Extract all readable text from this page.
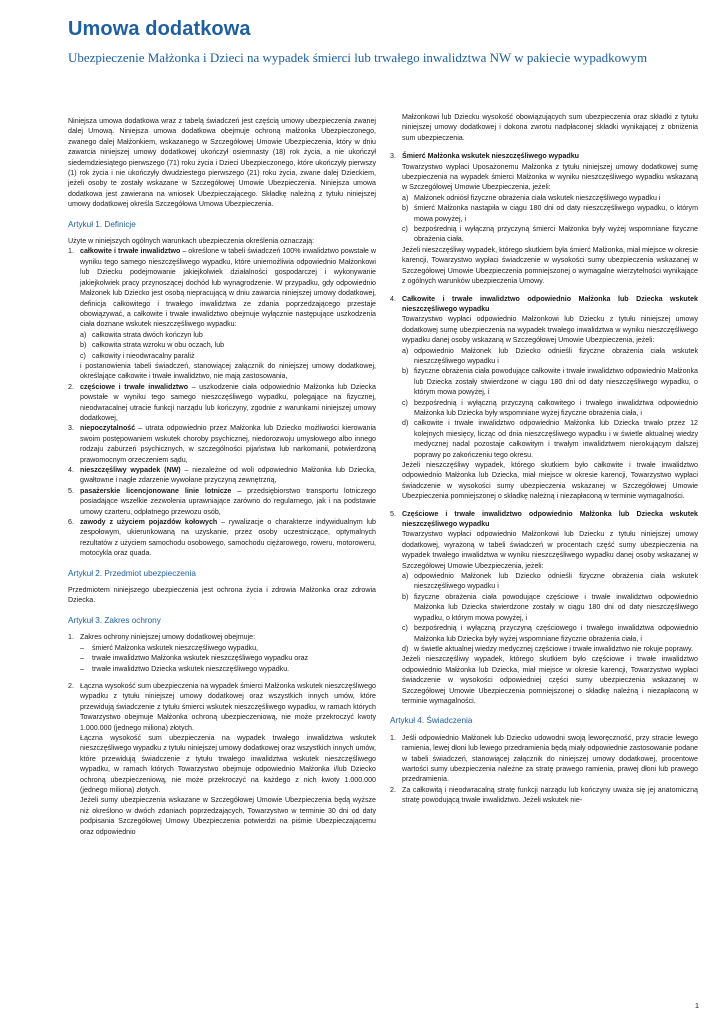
Umowa dodatkowa
Ubezpieczenie Małżonka i Dzieci na wypadek śmierci lub trwałego inwalidztwa NW w pakiecie wypadkowym

Niniejsza umowa dodatkowa wraz z tabelą świadczeń jest częścią umowy ubezpieczenia zwanej dalej Umową. Niniejsza umowa dodatkowa obejmuje ochroną małżonka Ubezpieczonego, zwanego dalej Małżonkiem, wskazanego w Szczegółowej Umowie Ubezpieczenia, który w dniu zawarcia niniejszej umowy dodatkowej ukończył osiemnasty (18) rok życia, a nie ukończył siedemdziesiątego pierwszego (71) roku życia i Dzieci Ubezpieczonego, które ukończyły pierwszy (1) rok życia i nie ukończyły dwudziestego pierwszego (21) roku życia, zwane dalej Dzieckiem, jeżeli osoby te zostały wskazane w Szczegółowej Umowie Ubezpieczenia. Niniejsza umowa dodatkowa jest zawierana na wniosek Ubezpieczającego. Składkę należną z tytułu niniejszej umowy dodatkowej określa Szczegółowa Umowa Ubezpieczenia.

Artykuł 1. Definicje
Użyte w niniejszych ogólnych warunkach ubezpieczenia określenia oznaczają:
1. całkowite i trwałe inwalidztwo – określone w tabeli świadczeń 100% inwalidztwo powstałe w wyniku tego samego nieszczęśliwego wypadku, które uniemożliwia odpowiednio Małżonkowi lub Dziecku podejmowanie jakiejkolwiek działalności gospodarczej i wykonywanie jakiejkolwiek pracy przynoszącej dochód lub wynagrodzenie. W przypadku, gdy odpowiednio Małżonek lub Dziecko jest osobą niepracującą w dniu zawarcia niniejszej umowy dodatkowej, definicja całkowitego i trwałego inwalidztwa ze zdania poprzedzającego przestaje obowiązywać, a całkowite i trwałe inwalidztwo obejmuje wyłącznie następujące uszkodzenia ciała doznane wskutek nieszczęśliwego wypadku:
a) całkowita strata dwóch kończyn lub
b) całkowita strata wzroku w obu oczach, lub
c) całkowity i nieodwracalny paraliż
i postanowienia tabeli świadczeń, stanowiącej załącznik do niniejszej umowy dodatkowej, określające całkowite i trwałe inwalidztwo, nie mają zastosowania,
2. częściowe i trwałe inwalidztwo – uszkodzenie ciała odpowiednio Małżonka lub Dziecka powstałe w wyniku tego samego nieszczęśliwego wypadku, polegające na fizycznej, nieodwracalnej utracie funkcji narządu lub kończyny, zgodnie z warunkami niniejszej umowy dodatkowej,
3. niepoczytalność – utrata odpowiednio przez Małżonka lub Dziecko możliwości kierowania swoim postępowaniem wskutek choroby psychicznej, niedorozwoju umysłowego albo innego rodzaju zaburzeń psychicznych, w szczególności pijaństwa lub narkomanii, potwierdzoną prawomocnym orzeczeniem sądu,
4. nieszczęśliwy wypadek (NW) – niezależne od woli odpowiednio Małżonka lub Dziecka, gwałtowne i nagłe zdarzenie wywołane przyczyną zewnętrzną,
5. pasażerskie licencjonowane linie lotnicze – przedsiębiorstwo transportu lotniczego posiadające wszelkie zezwolenia uprawniające zarówno do regularnego, jak i na podstawie umowy czarteru, odpłatnego przewozu osób,
6. zawody z użyciem pojazdów kołowych – rywalizacje o charakterze indywidualnym lub zespołowym, ukierunkowaną na uzyskanie, przez osoby uczestniczące, optymalnych rezultatów z użyciem samochodu osobowego, samochodu ciężarowego, roweru, motoroweru, motocykla oraz quada.
Artykuł 2. Przedmiot ubezpieczenia

Przedmiotem niniejszego ubezpieczenia jest ochrona życia i zdrowia Małżonka oraz zdrowia Dziecka.

Artykuł 3. Zakres ochrony
1. Zakres ochrony niniejszej umowy dodatkowej obejmuje:
–	śmierć Małżonka wskutek nieszczęśliwego wypadku,
–	trwałe inwalidztwo Małżonka wskutek nieszczęśliwego wypadku oraz
–	trwałe inwalidztwo Dziecka wskutek nieszczęśliwego wypadku.
2. Łączna wysokość sum ubezpieczenia na wypadek śmierci Małżonka wskutek nieszczęśliwego wypadku z tytułu niniejszej umowy dodatkowej oraz wszystkich innych umów, które przewidują świadczenie z tytułu śmierci wskutek nieszczęśliwego wypadku, w ramach których Towarzystwo obejmuje Małżonka ochroną ubezpieczeniową, nie może przekroczyć kwoty 1.000.000 (jednego miliona) złotych.
Łączna wysokość sum ubezpieczenia na wypadek trwałego inwalidztwa wskutek nieszczęśliwego wypadku z tytułu niniejszej umowy dodatkowej oraz wszystkich innych umów, które przewidują świadczenie z tytułu trwałego inwalidztwa wskutek nieszczęśliwego wypadku, w ramach których Towarzystwo obejmuje odpowiednio Małżonka i/lub Dziecko ochroną ubezpieczeniową, nie może przekroczyć na każdego z nich kwoty 1.000.000 (jednego miliona) złotych.
Jeżeli sumy ubezpieczenia wskazane w Szczegółowej Umowie Ubezpieczenia będą wyższe niż określono w dwóch zdaniach poprzedzających, Towarzystwo w terminie 30 dni od daty podpisania Szczegółowej Umowy Ubezpieczenia potwierdzi na piśmie Ubezpieczającemu oraz odpowiednio

Małżonkowi lub Dziecku wysokość obowiązujących sum ubezpieczenia oraz składki z tytułu niniejszej umowy dodatkowej i dokona zwrotu nadpłaconej składki wynikającej z obniżenia sum ubezpieczenia.

3. Śmierć Małżonka wskutek nieszczęśliwego wypadku
Towarzystwo wypłaci Uposażonemu Małżonka z tytułu niniejszej umowy dodatkowej sumę ubezpieczenia na wypadek śmierci Małżonka w wyniku nieszczęśliwego wypadku wskazaną w Szczegółowej Umowie Ubezpieczenia, jeżeli:
a) Małżonek odniósł fizyczne obrażenia ciała wskutek nieszczęśliwego wypadku i
b) śmierć Małżonka nastąpiła w ciągu 180 dni od daty nieszczęśliwego wypadku, o którym mowa powyżej, i
c) bezpośrednią i wyłączną przyczyną śmierci Małżonka były wyżej wspomniane fizyczne obrażenia ciała.
Jeżeli nieszczęśliwy wypadek, którego skutkiem była śmierć Małżonka, miał miejsce w okresie karencji, Towarzystwo wypłaci świadczenie w wysokości sumy ubezpieczenia wskazanej w Szczegółowej Umowie Ubezpieczenia pomniejszonej o wymagalne wierzytelności wynikające z ogólnych warunków ubezpieczenia Umowy.
4. Całkowite i trwałe inwalidztwo odpowiednio Małżonka lub Dziecka wskutek nieszczęśliwego wypadku
Towarzystwo wypłaci odpowiednio Małżonkowi lub Dziecku z tytułu niniejszej umowy dodatkowej sumę ubezpieczenia na wypadek trwałego inwalidztwa w wyniku nieszczęśliwego wypadku danej osoby wskazaną w Szczegółowej Umowie Ubezpieczenia, jeżeli:
a) odpowiednio Małżonek lub Dziecko odnieśli fizyczne obrażenia ciała wskutek nieszczęśliwego wypadku i
b) fizyczne obrażenia ciała powodujące całkowite i trwałe inwalidztwo odpowiednio Małżonka lub Dziecka zostały stwierdzone w ciągu 180 dni od daty nieszczęśliwego wypadku, o którym mowa powyżej, i
c) bezpośrednią i wyłączną przyczyną całkowitego i trwałego inwalidztwa odpowiednio Małżonka lub Dziecka były wspomniane wyżej fizyczne obrażenia ciała, i
d) całkowite i trwałe inwalidztwo odpowiednio Małżonka lub Dziecka trwało przez 12 kolejnych miesięcy, licząc od dnia nieszczęśliwego wypadku i w świetle aktualnej wiedzy medycznej nadal pozostaje całkowitym i trwałym inwalidztwem nierokującym dalszej poprawy po zakończeniu tego okresu.
Jeżeli nieszczęśliwy wypadek, którego skutkiem było całkowite i trwałe inwalidztwo odpowiednio Małżonka lub Dziecka, miał miejsce w okresie karencji, Towarzystwo wypłaci świadczenie w wysokości sumy ubezpieczenia wskazanej w Szczegółowej Umowie Ubezpieczenia pomniejszonej o składkę należną i niezapłaconą w terminie wymagalności.
5. Częściowe i trwałe inwalidztwo odpowiednio Małżonka lub Dziecka wskutek nieszczęśliwego wypadku
Towarzystwo wypłaci odpowiednio Małżonkowi lub Dziecku z tytułu niniejszej umowy dodatkowej, wyrażoną w tabeli świadczeń w procentach część sumy ubezpieczenia na wypadek trwałego inwalidztwa w wyniku nieszczęśliwego wypadku danej osoby wskazanej w Szczegółowej Umowie Ubezpieczenia, jeżeli:
a) odpowiednio Małżonek lub Dziecko odnieśli fizyczne obrażenia ciała wskutek nieszczęśliwego wypadku i
b) fizyczne obrażenia ciała powodujące częściowe i trwałe inwalidztwo odpowiednio Małżonka lub Dziecka stwierdzone zostały w ciągu 180 dni od daty nieszczęśliwego wypadku, o którym mowa powyżej, i
c) bezpośrednią i wyłączną przyczyną częściowego i trwałego inwalidztwa odpowiednio Małżonka lub Dziecka były wyżej wspomniane fizyczne obrażenia ciała, i
d) w świetle aktualnej wiedzy medycznej częściowe i trwałe inwalidztwo nie rokuje poprawy.
Jeżeli nieszczęśliwy wypadek, którego skutkiem było częściowe i trwałe inwalidztwo odpowiednio Małżonka lub Dziecka, miał miejsce w okresie karencji, Towarzystwo wypłaci świadczenie w wysokości odpowiedniej części sumy ubezpieczenia wskazanej w Szczegółowej Umowie Ubezpieczenia pomniejszonej o składkę należną i niezapłaconą w terminie wymagalności.
Artykuł 4. Świadczenia
1. Jeśli odpowiednio Małżonek lub Dziecko udowodni swoją leworęczność, przy stracie lewego ramienia, lewej dłoni lub lewego przedramienia będą miały odpowiednie zastosowanie podane w tabeli świadczeń, stanowiącej załącznik do niniejszej umowy dodatkowej, procentowe wartości sumy ubezpieczenia należne za stratę prawego ramienia, prawej dłoni lub prawego przedramienia.
2. Za całkowitą i nieodwracalną stratę funkcji narządu lub kończyny uważa się jej anatomiczną stratę powodującą trwałe inwalidztwo. Jeżeli wskutek nie-
1
